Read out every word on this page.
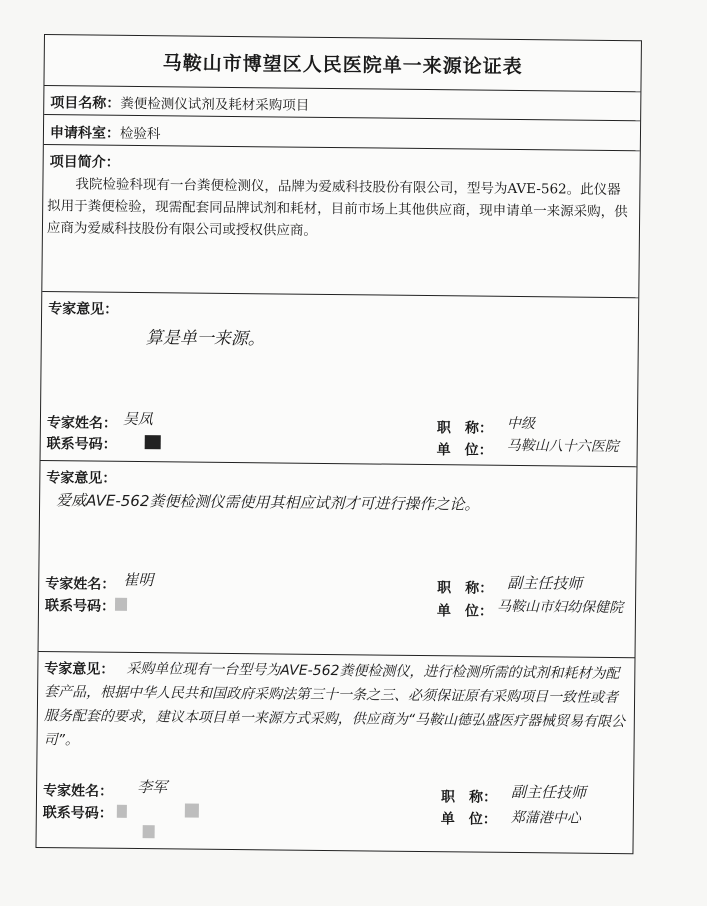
马鞍山市博望区人民医院单一来源论证表
项目名称：粪便检测仪试剂及耗材采购项目
申请科室：检验科
项目简介：
我院检验科现有一台粪便检测仪，品牌为爱威科技股份有限公司，型号为AVE-562。此仪器拟用于粪便检验，现需配套同品牌试剂和耗材，目前市场上其他供应商，现申请单一来源采购，供应商为爱威科技股份有限公司或授权供应商。
专家意见：
算是单一来源。
专家姓名： 吴凤
联系号码：
职　称： 中级
单　位： 马鞍山八十六医院
专家意见：
爱威AVE-562粪便检测仪需使用其相应试剂才可进行操作之论。
专家姓名： 崔明
联系号码：
职　称： 副主任技师
单　位： 马鞍山市妇幼保健院
专家意见： 采购单位现有一台型号为AVE-562粪便检测仪，进行检测所需的试剂和耗材为配套产品，根据中华人民共和国政府采购法第三十一条之三、必须保证原有采购项目一致性或者服务配套的要求，建议本项目单一来源方式采购，供应商为“马鞍山德弘盛医疗器械贸易有限公司”。
专家姓名： 李军
联系号码：
职　称： 副主任技师
单　位： 郑蒲港中心
